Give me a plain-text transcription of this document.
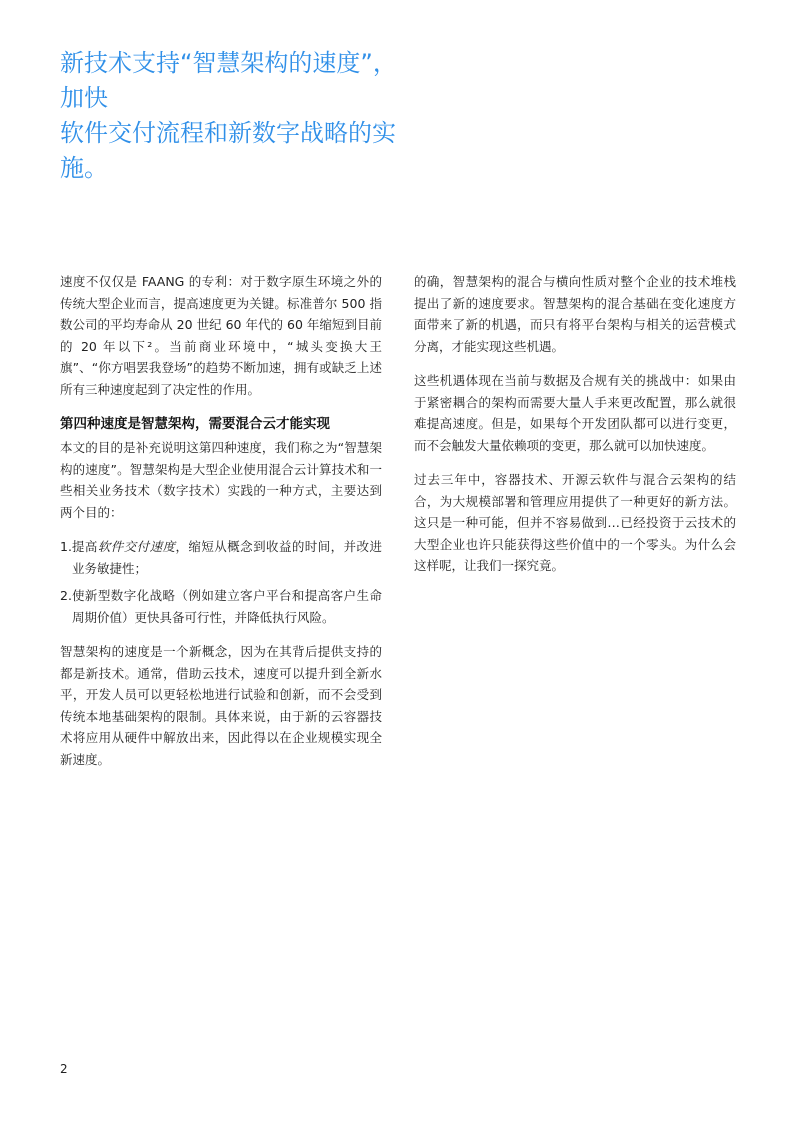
新技术支持“智慧架构的速度”，加快
软件交付流程和新数字战略的实施。

速度不仅仅是 FAANG 的专利：对于数字原生环境之外的传统大型企业而言，提高速度更为关键。标准普尔 500 指数公司的平均寿命从 20 世纪 60 年代的 60 年缩短到目前的 20 年以下²。当前商业环境中，“城头变换大王旗”、“你方唱罢我登场”的趋势不断加速，拥有或缺乏上述所有三种速度起到了决定性的作用。

第四种速度是智慧架构，需要混合云才能实现

本文的目的是补充说明这第四种速度，我们称之为“智慧架构的速度”。智慧架构是大型企业使用混合云计算技术和一些相关业务技术（数字技术）实践的一种方式，主要达到两个目的：

1. 提高软件交付速度，缩短从概念到收益的时间，并改进业务敏捷性；
2. 使新型数字化战略（例如建立客户平台和提高客户生命周期价值）更快具备可行性，并降低执行风险。

智慧架构的速度是一个新概念，因为在其背后提供支持的都是新技术。通常，借助云技术，速度可以提升到全新水平，开发人员可以更轻松地进行试验和创新，而不会受到传统本地基础架构的限制。具体来说，由于新的云容器技术将应用从硬件中解放出来，因此得以在企业规模实现全新速度。

的确，智慧架构的混合与横向性质对整个企业的技术堆栈提出了新的速度要求。智慧架构的混合基础在变化速度方面带来了新的机遇，而只有将平台架构与相关的运营模式分离，才能实现这些机遇。

这些机遇体现在当前与数据及合规有关的挑战中：如果由于紧密耦合的架构而需要大量人手来更改配置，那么就很难提高速度。但是，如果每个开发团队都可以进行变更，而不会触发大量依赖项的变更，那么就可以加快速度。

过去三年中，容器技术、开源云软件与混合云架构的结合，为大规模部署和管理应用提供了一种更好的新方法。这只是一种可能，但并不容易做到…已经投资于云技术的大型企业也许只能获得这些价值中的一个零头。为什么会这样呢，让我们一探究竟。

2
